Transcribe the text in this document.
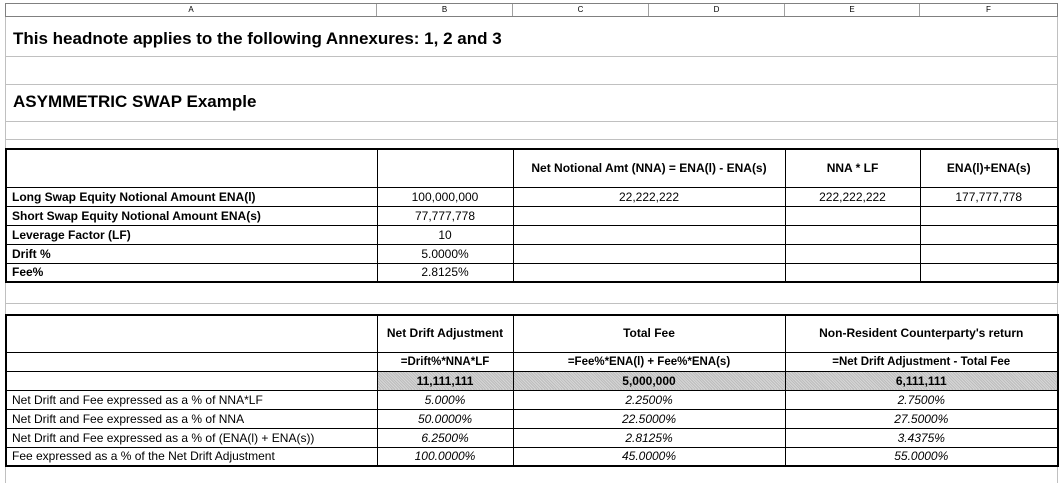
A	B	C	D	E	F
This headnote applies to the following Annexures: 1, 2 and 3
ASYMMETRIC SWAP Example
		Net Notional Amt (NNA) = ENA(l) - ENA(s)	NNA * LF	ENA(l)+ENA(s)
Long Swap Equity Notional Amount ENA(l)	100,000,000	22,222,222	222,222,222	177,777,778
Short Swap Equity Notional Amount ENA(s)	77,777,778			
Leverage Factor (LF)	10			
Drift %	5.0000%			
Fee%	2.8125%			
	Net Drift Adjustment	Total Fee	Non-Resident Counterparty's return
	=Drift%*NNA*LF	=Fee%*ENA(l) + Fee%*ENA(s)	=Net Drift Adjustment - Total Fee
	11,111,111	5,000,000	6,111,111
Net Drift and Fee expressed as a % of NNA*LF	5.000%	2.2500%	2.7500%
Net Drift and Fee expressed as a % of NNA	50.0000%	22.5000%	27.5000%
Net Drift and Fee expressed as a % of (ENA(l) + ENA(s))	6.2500%	2.8125%	3.4375%
Fee expressed as a % of the Net Drift Adjustment	100.0000%	45.0000%	55.0000%
